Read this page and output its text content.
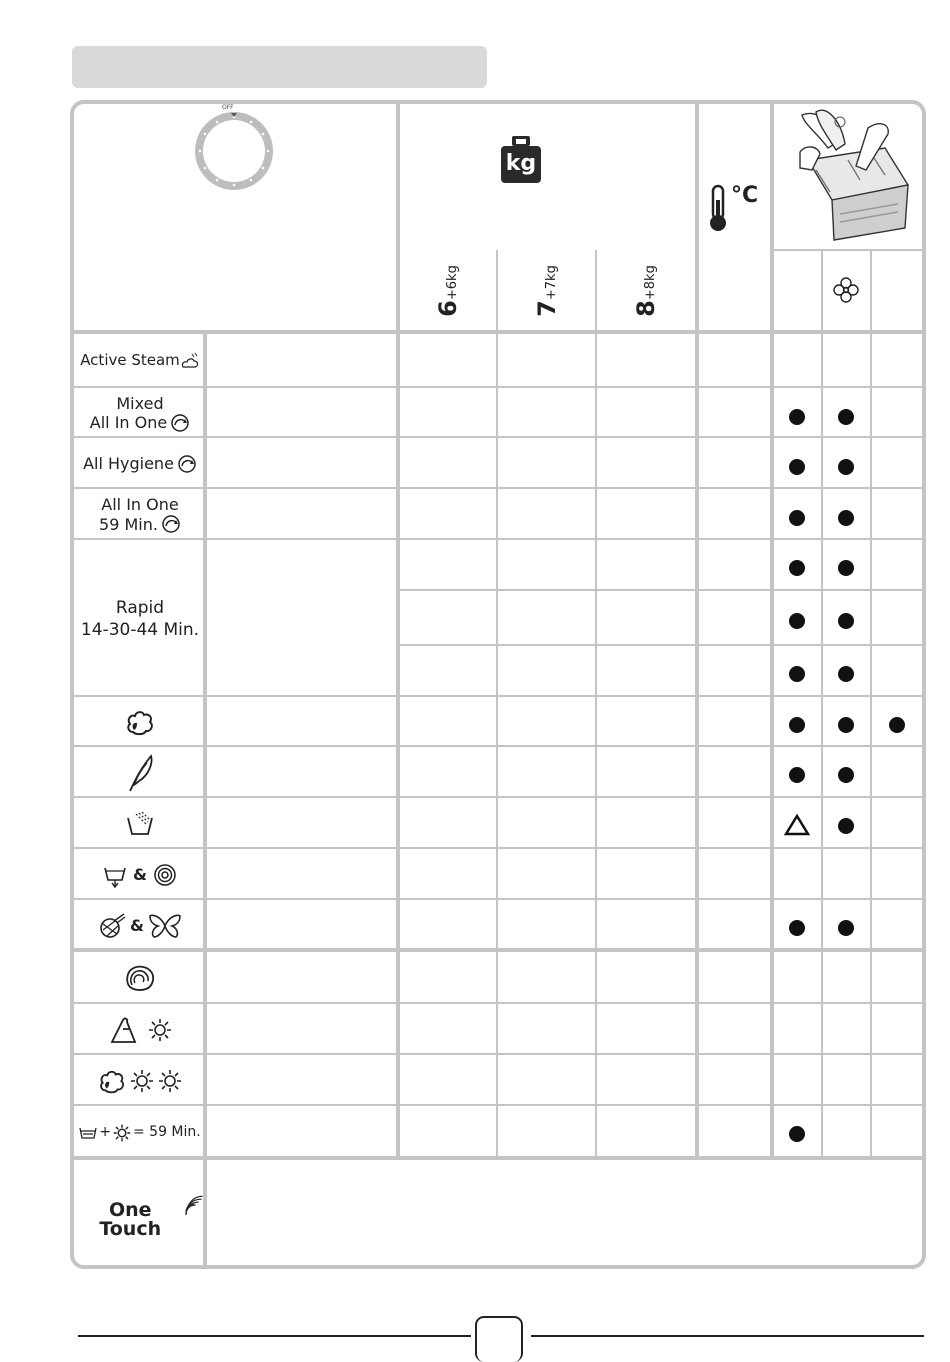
OFF
kg
°C
6+6kg
7+7kg
8+8kg
Active Steam
Mixed
All In One
All Hygiene
All In One
59 Min.
Rapid
14-30-44 Min.
&
&
+ = 59 Min.
One Touch
